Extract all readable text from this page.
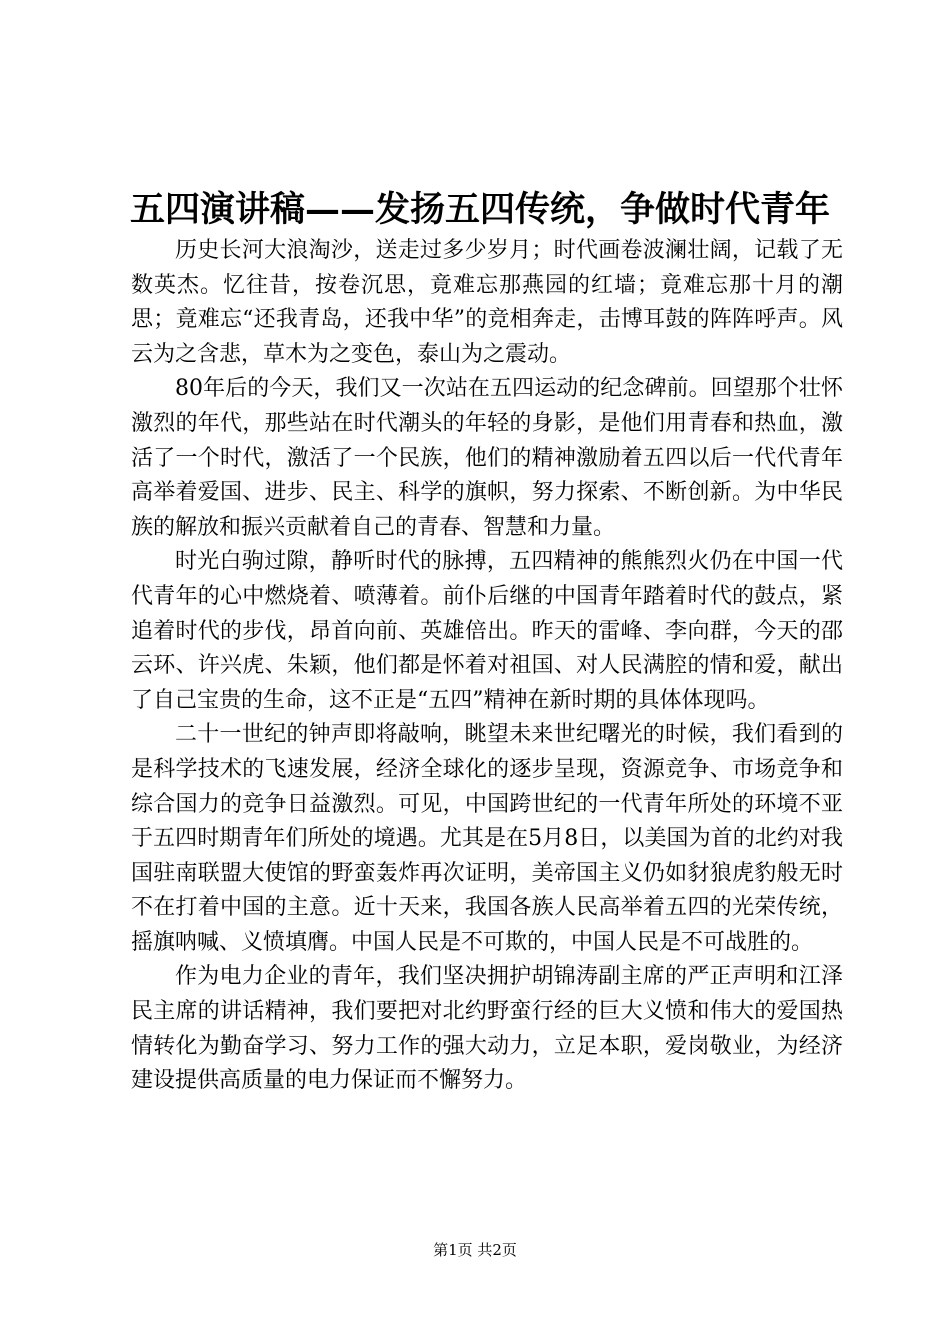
五四演讲稿——发扬五四传统，争做时代青年

历史长河大浪淘沙，送走过多少岁月；时代画卷波澜壮阔，记载了无数英杰。忆往昔，按卷沉思，竟难忘那燕园的红墙；竟难忘那十月的潮思；竟难忘“还我青岛，还我中华”的竞相奔走，击博耳鼓的阵阵呼声。风云为之含悲，草木为之变色，泰山为之震动。

80年后的今天，我们又一次站在五四运动的纪念碑前。回望那个壮怀激烈的年代，那些站在时代潮头的年轻的身影，是他们用青春和热血，激活了一个时代，激活了一个民族，他们的精神激励着五四以后一代代青年高举着爱国、进步、民主、科学的旗帜，努力探索、不断创新。为中华民族的解放和振兴贡献着自己的青春、智慧和力量。

时光白驹过隙，静听时代的脉搏，五四精神的熊熊烈火仍在中国一代代青年的心中燃烧着、喷薄着。前仆后继的中国青年踏着时代的鼓点，紧追着时代的步伐，昂首向前、英雄倍出。昨天的雷峰、李向群，今天的邵云环、许兴虎、朱颖，他们都是怀着对祖国、对人民满腔的情和爱，献出了自己宝贵的生命，这不正是“五四”精神在新时期的具体体现吗。

二十一世纪的钟声即将敲响，眺望未来世纪曙光的时候，我们看到的是科学技术的飞速发展，经济全球化的逐步呈现，资源竞争、市场竞争和综合国力的竞争日益激烈。可见，中国跨世纪的一代青年所处的环境不亚于五四时期青年们所处的境遇。尤其是在5月8日，以美国为首的北约对我国驻南联盟大使馆的野蛮轰炸再次证明，美帝国主义仍如豺狼虎豹般无时不在打着中国的主意。近十天来，我国各族人民高举着五四的光荣传统，摇旗呐喊、义愤填膺。中国人民是不可欺的，中国人民是不可战胜的。

作为电力企业的青年，我们坚决拥护胡锦涛副主席的严正声明和江泽民主席的讲话精神，我们要把对北约野蛮行经的巨大义愤和伟大的爱国热情转化为勤奋学习、努力工作的强大动力，立足本职，爱岗敬业，为经济建设提供高质量的电力保证而不懈努力。

第1页 共2页
